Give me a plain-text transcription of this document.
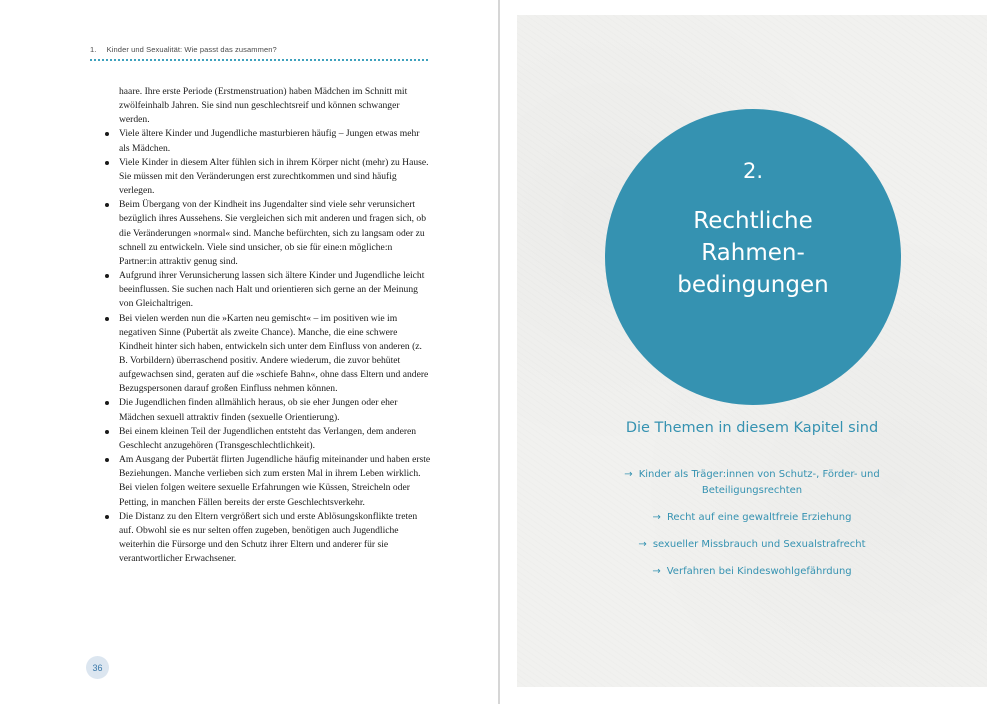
1. Kinder und Sexualität: Wie passt das zusammen?
haare. Ihre erste Periode (Erstmenstruation) haben Mädchen im Schnitt mit zwölfeinhalb Jahren. Sie sind nun geschlechtsreif und können schwanger werden.
Viele ältere Kinder und Jugendliche masturbieren häufig – Jungen etwas mehr als Mädchen.
Viele Kinder in diesem Alter fühlen sich in ihrem Körper nicht (mehr) zu Hause. Sie müssen mit den Veränderungen erst zurechtkommen und sind häufig verlegen.
Beim Übergang von der Kindheit ins Jugendalter sind viele sehr verunsichert bezüglich ihres Aussehens. Sie vergleichen sich mit anderen und fragen sich, ob die Veränderungen »normal« sind. Manche befürchten, sich zu langsam oder zu schnell zu entwickeln. Viele sind unsicher, ob sie für eine:n mögliche:n Partner:in attraktiv genug sind.
Aufgrund ihrer Verunsicherung lassen sich ältere Kinder und Jugendliche leicht beeinflussen. Sie suchen nach Halt und orientieren sich gerne an der Meinung von Gleichaltrigen.
Bei vielen werden nun die »Karten neu gemischt« – im positiven wie im negativen Sinne (Pubertät als zweite Chance). Manche, die eine schwere Kindheit hinter sich haben, entwickeln sich unter dem Einfluss von anderen (z. B. Vorbildern) überraschend positiv. Andere wiederum, die zuvor behütet aufgewachsen sind, geraten auf die »schiefe Bahn«, ohne dass Eltern und andere Bezugspersonen darauf großen Einfluss nehmen können.
Die Jugendlichen finden allmählich heraus, ob sie eher Jungen oder eher Mädchen sexuell attraktiv finden (sexuelle Orientierung).
Bei einem kleinen Teil der Jugendlichen entsteht das Verlangen, dem anderen Geschlecht anzugehören (Transgeschlechtlichkeit).
Am Ausgang der Pubertät flirten Jugendliche häufig miteinander und haben erste Beziehungen. Manche verlieben sich zum ersten Mal in ihrem Leben wirklich. Bei vielen folgen weitere sexuelle Erfahrungen wie Küssen, Streicheln oder Petting, in manchen Fällen bereits der erste Geschlechtsverkehr.
Die Distanz zu den Eltern vergrößert sich und erste Ablösungskonflikte treten auf. Obwohl sie es nur selten offen zugeben, benötigen auch Jugendliche weiterhin die Fürsorge und den Schutz ihrer Eltern und anderer für sie verantwortlicher Erwachsener.
36
2.
Rechtliche
Rahmen-
bedingungen
Die Themen in diesem Kapitel sind
→ Kinder als Träger:innen von Schutz-, Förder- und
Beteiligungsrechten
→ Recht auf eine gewaltfreie Erziehung
→ sexueller Missbrauch und Sexualstrafrecht
→ Verfahren bei Kindeswohlgefährdung
